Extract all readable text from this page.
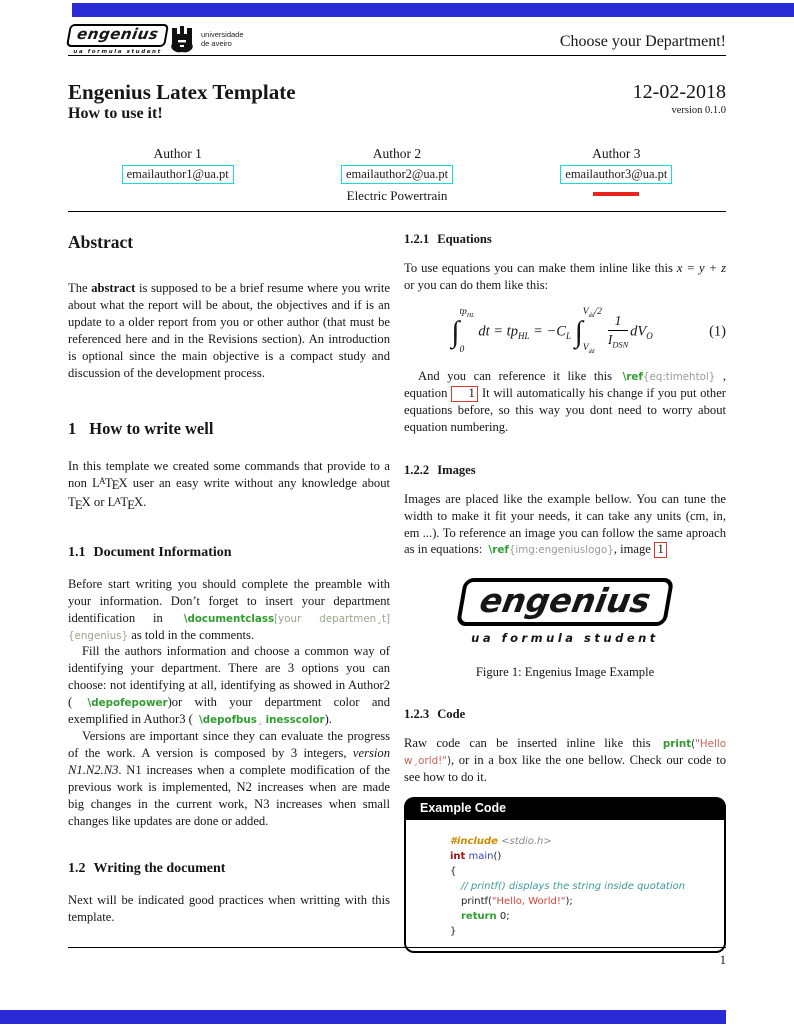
engenius
ua formula student
universidade
de aveiro	Choose your Department!
Engenius Latex Template
How to use it!
12-02-2018
version 0.1.0
Author 1
emailauthor1@ua.pt
Author 2
emailauthor2@ua.pt
Electric Powertrain
Author 3
emailauthor3@ua.pt
Abstract

The abstract is supposed to be a brief resume where you write about what the report will be about, the objectives and if is an update to a older report from you or other author (that must be referenced here and in the Revisions section). An introduction is optional since the main objective is a compact study and discussion of the development process.

1 How to write well

In this template we created some commands that provide to a non $L^ATEX$ user an easy write without any knowledge about TEX or $L^ATEX$.

1.1 Document Information

Before start writing you should complete the preamble with your information. Don’t forget to insert your department identification in \documentclass[your departmen⌟t]{engenius} as told in the comments.

Fill the authors information and choose a common way of identifying your department. There are 3 options you can choose: not identifying at all, identifying as showed in Author2 ( \depofepower)or with your department color and exemplified in Author3 ( \depofbus⌟ inesscolor).

Versions are important since they can evaluate the progress of the work. A version is composed by 3 integers, version N1.N2.N3. N1 increases when a complete modification of the previous work is implemented, N2 increases when are made big changes in the current work, N3 increases when small changes like updates are done or added.

1.2 Writing the document

Next will be indicated good practices when writting with this template.

1.2.1 Equations

To use equations you can make them inline like this x = y + z or you can do them like this:

∫
$tp_{HL}$
0
dt = $tp_{HL} = -C_L$ ∫
$V_{dd}/2$
$V_{dd}$
$\frac{1}{I_{DSN}} dV_O$	(1)

And you can reference it like this \ref{eq:timehtol} , equation 1 It will automatically his change if you put other equations before, so this way you dont need to worry about equation numbering.

1.2.2 Images

Images are placed like the example bellow. You can tune the width to make it fit your needs, it can take any units (cm, in, em ...). To reference an image you can follow the same aproach as in equations: \ref{img:engeniuslogo}, image 1

engenius
ua formula student
Figure 1: Engenius Image Example
1.2.3 Code

Raw code can be inserted inline like this print("Hello w⌟orld!"), or in a box like the one bellow. Check our code to see how to do it.

Example Code
#include <stdio.h>
int main()
{
// printf() displays the string inside quotation
printf("Hello, World!");
return 0;
}
1
